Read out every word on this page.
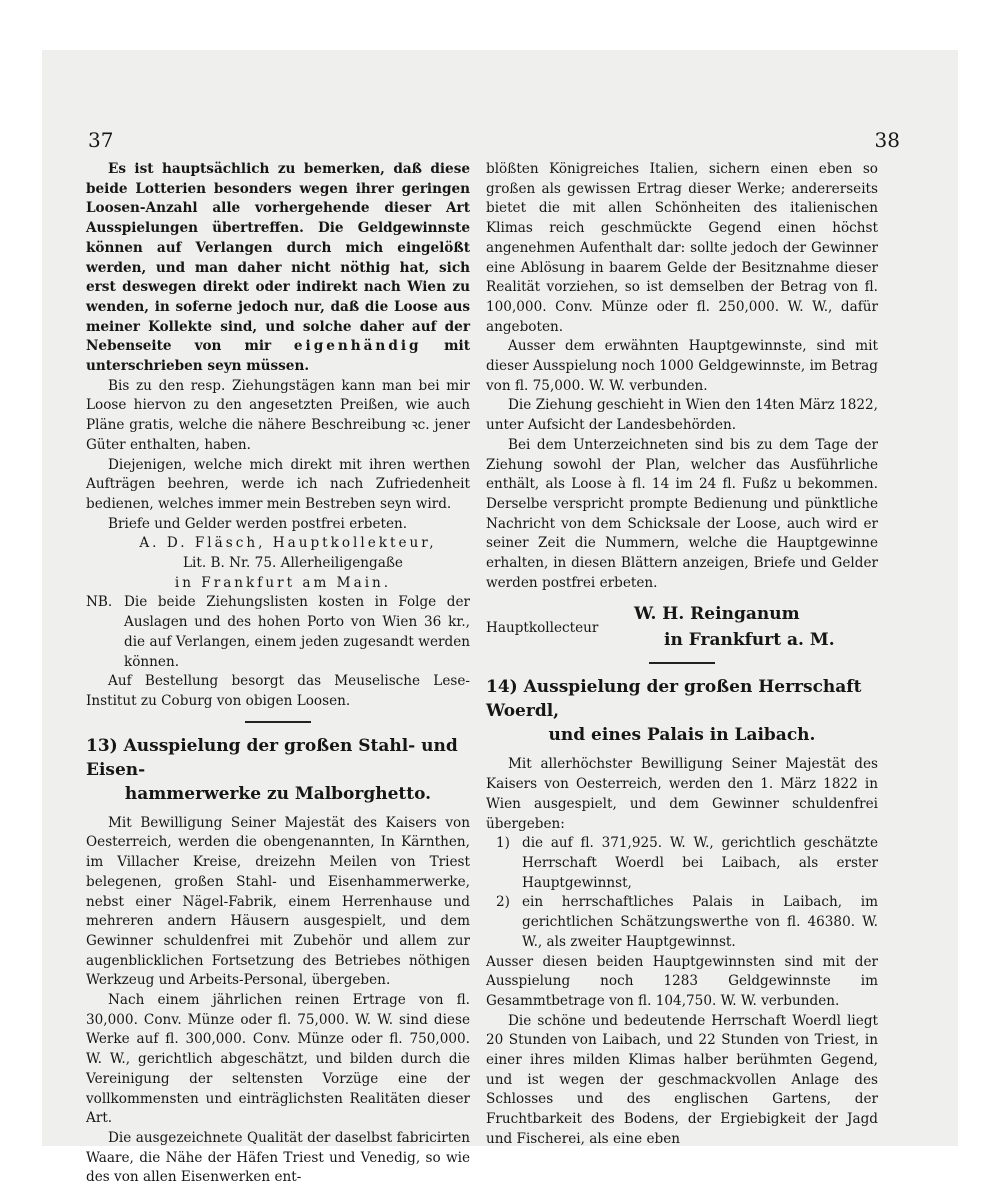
37	38

Es ist hauptsächlich zu bemerken, daß diese beide Lotterien besonders wegen ihrer geringen Loosen-Anzahl alle vorhergehende dieser Art Ausspielungen übertreffen. Die Geldgewinnste können auf Verlangen durch mich eingelößt werden, und man daher nicht nöthig hat, sich erst deswegen direkt oder indirekt nach Wien zu wenden, in soferne jedoch nur, daß die Loose aus meiner Kollekte sind, und solche daher auf der Nebenseite von mir eigenhändig mit unterschrieben seyn müssen.

Bis zu den resp. Ziehungstägen kann man bei mir Loose hiervon zu den angesetzten Preißen, wie auch Pläne gratis, welche die nähere Beschreibung ꝛc. jener Güter enthalten, haben.

Diejenigen, welche mich direkt mit ihren werthen Aufträgen beehren, werde ich nach Zufriedenheit bedienen, welches immer mein Bestreben seyn wird.

Briefe und Gelder werden postfrei erbeten.

A. D. Fläsch, Hauptkollekteur,

Lit. B. Nr. 75. Allerheiligengaße

in Frankfurt am Main.

NB. Die beide Ziehungslisten kosten in Folge der Auslagen und des hohen Porto von Wien 36 kr., die auf Verlangen, einem jeden zugesandt werden können.

Auf Bestellung besorgt das Meuselische Lese-Institut zu Coburg von obigen Loosen.

13) Ausspielung der großen Stahl- und Eisen-
hammerwerke zu Malborghetto.

Mit Bewilligung Seiner Majestät des Kaisers von Oesterreich, werden die obengenannten, In Kärnthen, im Villacher Kreise, dreizehn Meilen von Triest belegenen, großen Stahl- und Eisenhammerwerke, nebst einer Nägel-Fabrik, einem Herrenhause und mehreren andern Häusern ausgespielt, und dem Gewinner schuldenfrei mit Zubehör und allem zur augenblicklichen Fortsetzung des Betriebes nöthigen Werkzeug und Arbeits-Personal, übergeben.

Nach einem jährlichen reinen Ertrage von fl. 30,000. Conv. Münze oder fl. 75,000. W. W. sind diese Werke auf fl. 300,000. Conv. Münze oder fl. 750,000. W. W., gerichtlich abgeschätzt, und bilden durch die Vereinigung der seltensten Vorzüge eine der vollkommensten und einträglichsten Realitäten dieser Art.

Die ausgezeichnete Qualität der daselbst fabricirten Waare, die Nähe der Häfen Triest und Venedig, so wie des von allen Eisenwerken ent-

blößten Königreiches Italien, sichern einen eben so großen als gewissen Ertrag dieser Werke; andererseits bietet die mit allen Schönheiten des italienischen Klimas reich geschmückte Gegend einen höchst angenehmen Aufenthalt dar: sollte jedoch der Gewinner eine Ablösung in baarem Gelde der Besitznahme dieser Realität vorziehen, so ist demselben der Betrag von fl. 100,000. Conv. Münze oder fl. 250,000. W. W., dafür angeboten.

Ausser dem erwähnten Hauptgewinnste, sind mit dieser Ausspielung noch 1000 Geldgewinnste, im Betrag von fl. 75,000. W. W. verbunden.

Die Ziehung geschieht in Wien den 14ten März 1822, unter Aufsicht der Landesbehörden.

Bei dem Unterzeichneten sind bis zu dem Tage der Ziehung sowohl der Plan, welcher das Ausführliche enthält, als Loose à fl. 14 im 24 fl. Fußz u bekommen. Derselbe verspricht prompte Bedienung und pünktliche Nachricht von dem Schicksale der Loose, auch wird er seiner Zeit die Nummern, welche die Hauptgewinne erhalten, in diesen Blättern anzeigen, Briefe und Gelder werden postfrei erbeten.

Hauptkollecteur
W. H. Reinganum
in Frankfurt a. M.
14) Ausspielung der großen Herrschaft Woerdl,
und eines Palais in Laibach.

Mit allerhöchster Bewilligung Seiner Majestät des Kaisers von Oesterreich, werden den 1. März 1822 in Wien ausgespielt, und dem Gewinner schuldenfrei übergeben:

1) die auf fl. 371,925. W. W., gerichtlich geschätzte Herrschaft Woerdl bei Laibach, als erster Hauptgewinnst,
2) ein herrschaftliches Palais in Laibach, im gerichtlichen Schätzungswerthe von fl. 46380. W. W., als zweiter Hauptgewinnst.

Ausser diesen beiden Hauptgewinnsten sind mit der Ausspielung noch 1283 Geldgewinnste im Gesammtbetrage von fl. 104,750. W. W. verbunden.

Die schöne und bedeutende Herrschaft Woerdl liegt 20 Stunden von Laibach, und 22 Stunden von Triest, in einer ihres milden Klimas halber berühmten Gegend, und ist wegen der geschmackvollen Anlage des Schlosses und des englischen Gartens, der Fruchtbarkeit des Bodens, der Ergiebigkeit der Jagd und Fischerei, als eine eben
